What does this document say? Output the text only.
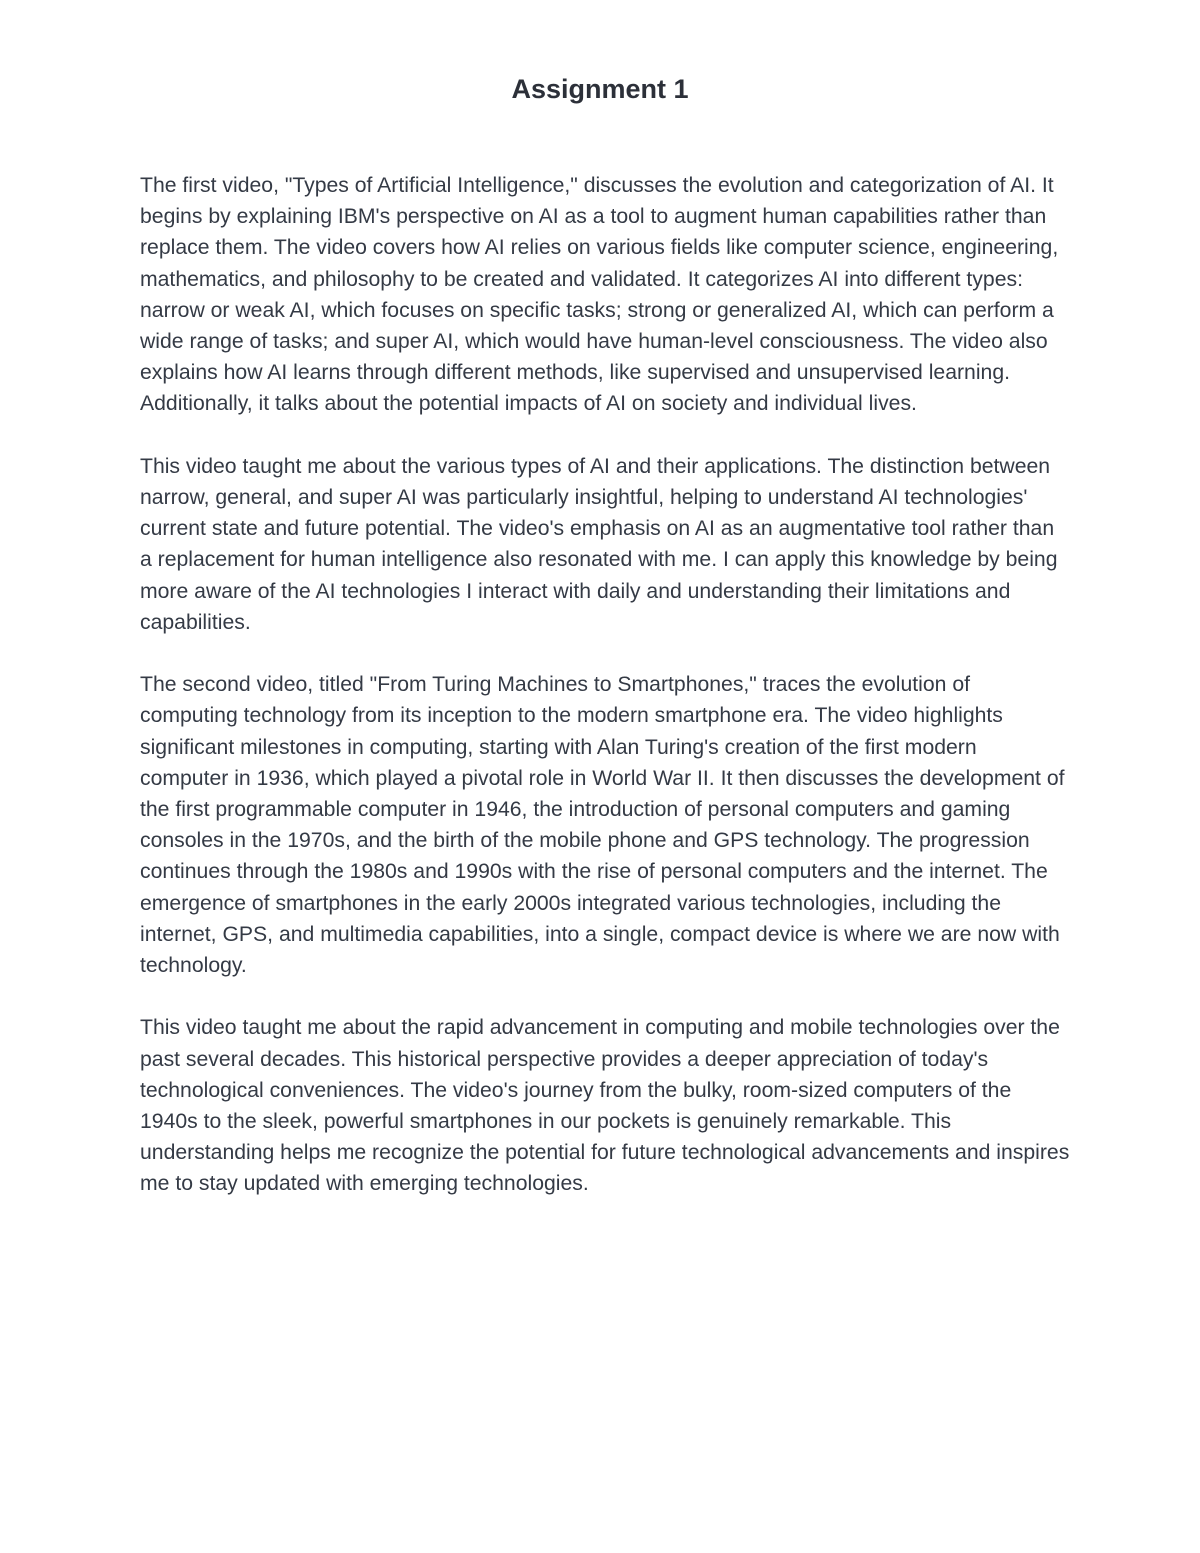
Assignment 1

The first video, "Types of Artificial Intelligence," discusses the evolution and categorization of AI. It begins by explaining IBM's perspective on AI as a tool to augment human capabilities rather than replace them. The video covers how AI relies on various fields like computer science, engineering, mathematics, and philosophy to be created and validated. It categorizes AI into different types: narrow or weak AI, which focuses on specific tasks; strong or generalized AI, which can perform a wide range of tasks; and super AI, which would have human-level consciousness. The video also explains how AI learns through different methods, like supervised and unsupervised learning. Additionally, it talks about the potential impacts of AI on society and individual lives.

This video taught me about the various types of AI and their applications. The distinction between narrow, general, and super AI was particularly insightful, helping to understand AI technologies' current state and future potential. The video's emphasis on AI as an augmentative tool rather than a replacement for human intelligence also resonated with me. I can apply this knowledge by being more aware of the AI technologies I interact with daily and understanding their limitations and capabilities.

The second video, titled "From Turing Machines to Smartphones," traces the evolution of computing technology from its inception to the modern smartphone era. The video highlights significant milestones in computing, starting with Alan Turing's creation of the first modern computer in 1936, which played a pivotal role in World War II. It then discusses the development of the first programmable computer in 1946, the introduction of personal computers and gaming consoles in the 1970s, and the birth of the mobile phone and GPS technology. The progression continues through the 1980s and 1990s with the rise of personal computers and the internet. The emergence of smartphones in the early 2000s integrated various technologies, including the internet, GPS, and multimedia capabilities, into a single, compact device is where we are now with technology.

This video taught me about the rapid advancement in computing and mobile technologies over the past several decades. This historical perspective provides a deeper appreciation of today's technological conveniences. The video's journey from the bulky, room-sized computers of the 1940s to the sleek, powerful smartphones in our pockets is genuinely remarkable. This understanding helps me recognize the potential for future technological advancements and inspires me to stay updated with emerging technologies.
